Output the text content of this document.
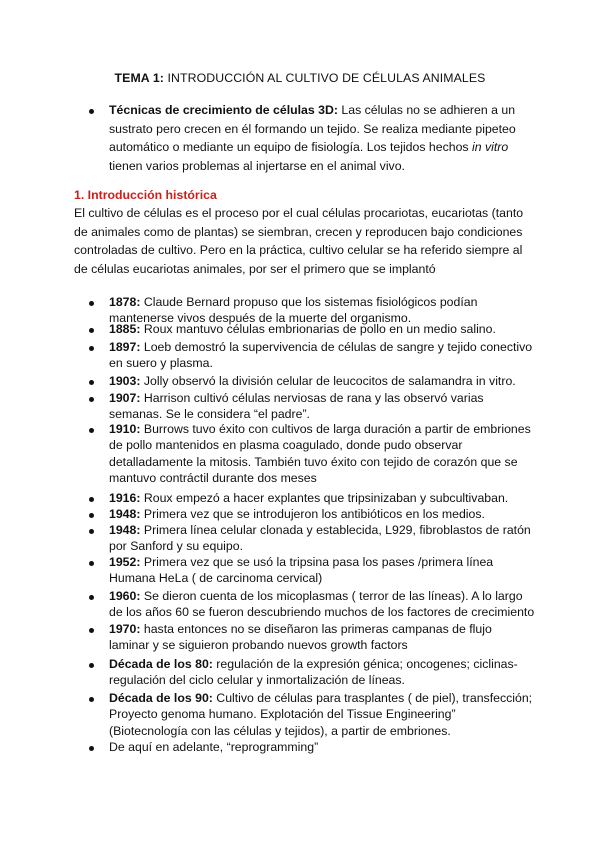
TEMA 1: INTRODUCCIÓN AL CULTIVO DE CÉLULAS ANIMALES
Técnicas de crecimiento de células 3D: Las células no se adhieren a un
sustrato pero crecen en él formando un tejido. Se realiza mediante pipeteo
automático o mediante un equipo de fisiología. Los tejidos hechos in vitro
tienen varios problemas al injertarse en el animal vivo.
1. Introducción histórica
El cultivo de células es el proceso por el cual células procariotas, eucariotas (tanto
de animales como de plantas) se siembran, crecen y reproducen bajo condiciones
controladas de cultivo. Pero en la práctica, cultivo celular se ha referido siempre al
de células eucariotas animales, por ser el primero que se implantó
1878: Claude Bernard propuso que los sistemas fisiológicos podían
mantenerse vivos después de la muerte del organismo.
1885: Roux mantuvo células embrionarias de pollo en un medio salino.
1897: Loeb demostró la supervivencia de células de sangre y tejido conectivo
en suero y plasma.
1903: Jolly observó la división celular de leucocitos de salamandra in vitro.
1907: Harrison cultivó células nerviosas de rana y las observó varias
semanas. Se le considera “el padre”.
1910: Burrows tuvo éxito con cultivos de larga duración a partir de embriones
de pollo mantenidos en plasma coagulado, donde pudo observar
detalladamente la mitosis. También tuvo éxito con tejido de corazón que se
mantuvo contráctil durante dos meses
1916: Roux empezó a hacer explantes que tripsinizaban y subcultivaban.
1948: Primera vez que se introdujeron los antibióticos en los medios.
1948: Primera línea celular clonada y establecida, L929, fibroblastos de ratón
por Sanford y su equipo.
1952: Primera vez que se usó la tripsina pasa los pases /primera línea
Humana HeLa ( de carcinoma cervical)
1960: Se dieron cuenta de los micoplasmas ( terror de las líneas). A lo largo
de los años 60 se fueron descubriendo muchos de los factores de crecimiento
1970: hasta entonces no se diseñaron las primeras campanas de flujo
laminar y se siguieron probando nuevos growth factors
Década de los 80: regulación de la expresión génica; oncogenes; ciclinas-
regulación del ciclo celular y inmortalización de líneas.
Década de los 90: Cultivo de células para trasplantes ( de piel), transfección;
Proyecto genoma humano. Explotación del Tissue Engineering”
(Biotecnología con las células y tejidos), a partir de embriones.
De aquí en adelante, “reprogramming”
